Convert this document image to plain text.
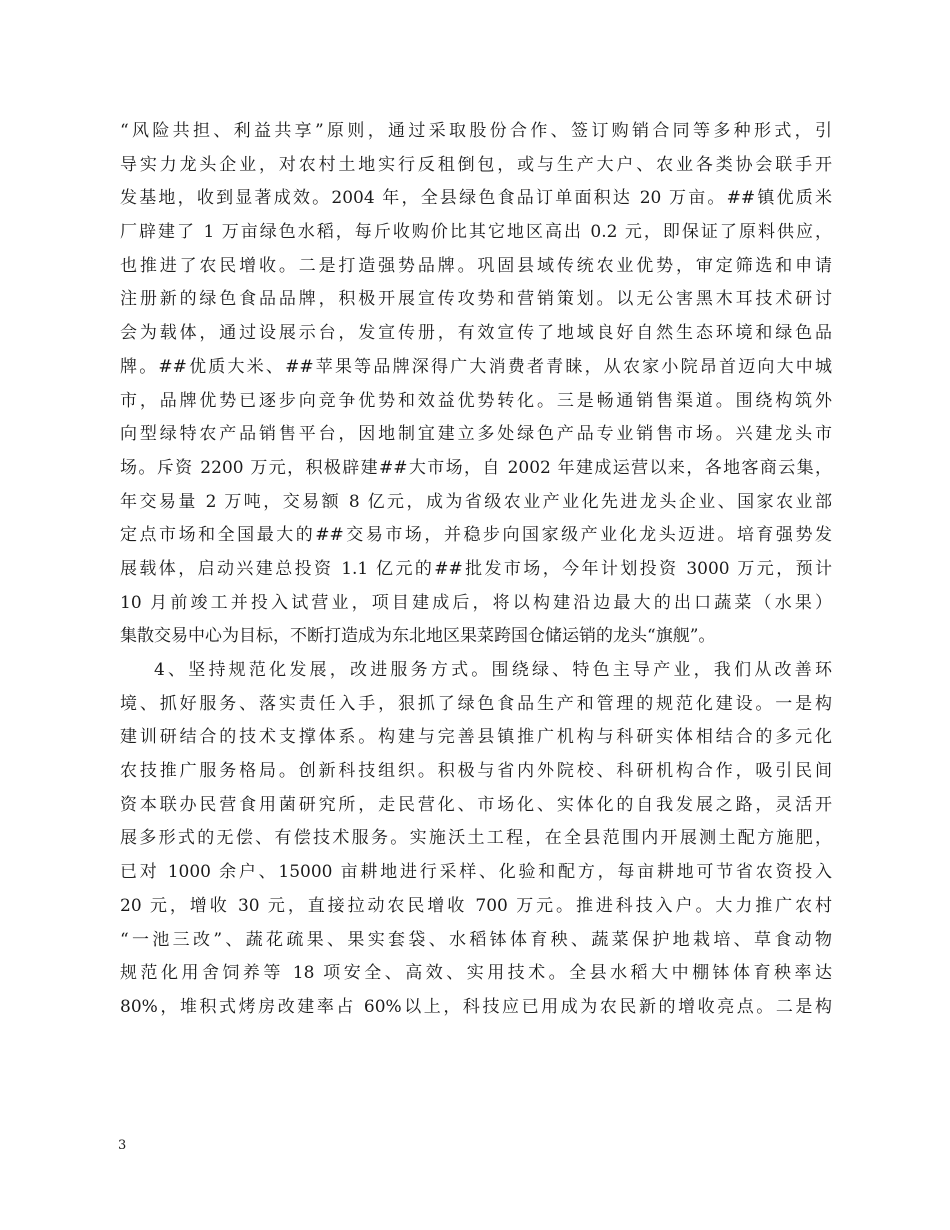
“风险共担、利益共享”原则，通过采取股份合作、签订购销合同等多种形式，引
导实力龙头企业，对农村土地实行反租倒包，或与生产大户、农业各类协会联手开
发基地，收到显著成效。2004 年，全县绿色食品订单面积达 20 万亩。##镇优质米
厂辟建了 1 万亩绿色水稻，每斤收购价比其它地区高出 0.2 元，即保证了原料供应，
也推进了农民增收。二是打造强势品牌。巩固县域传统农业优势，审定筛选和申请
注册新的绿色食品品牌，积极开展宣传攻势和营销策划。以无公害黑木耳技术研讨
会为载体，通过设展示台，发宣传册，有效宣传了地域良好自然生态环境和绿色品
牌。##优质大米、##苹果等品牌深得广大消费者青睐，从农家小院昂首迈向大中城
市，品牌优势已逐步向竞争优势和效益优势转化。三是畅通销售渠道。围绕构筑外
向型绿特农产品销售平台，因地制宜建立多处绿色产品专业销售市场。兴建龙头市
场。斥资 2200 万元，积极辟建##大市场，自 2002 年建成运营以来，各地客商云集，
年交易量 2 万吨，交易额 8 亿元，成为省级农业产业化先进龙头企业、国家农业部
定点市场和全国最大的##交易市场，并稳步向国家级产业化龙头迈进。培育强势发
展载体，启动兴建总投资 1.1 亿元的##批发市场，今年计划投资 3000 万元，预计
10 月前竣工并投入试营业，项目建成后，将以构建沿边最大的出口蔬菜（水果）
集散交易中心为目标，不断打造成为东北地区果菜跨国仓储运销的龙头“旗舰”。
4、坚持规范化发展，改进服务方式。围绕绿、特色主导产业，我们从改善环
境、抓好服务、落实责任入手，狠抓了绿色食品生产和管理的规范化建设。一是构
建训研结合的技术支撑体系。构建与完善县镇推广机构与科研实体相结合的多元化
农技推广服务格局。创新科技组织。积极与省内外院校、科研机构合作，吸引民间
资本联办民营食用菌研究所，走民营化、市场化、实体化的自我发展之路，灵活开
展多形式的无偿、有偿技术服务。实施沃土工程，在全县范围内开展测土配方施肥，
已对 1000 余户、15000 亩耕地进行采样、化验和配方，每亩耕地可节省农资投入
20 元，增收 30 元，直接拉动农民增收 700 万元。推进科技入户。大力推广农村
“一池三改”、蔬花疏果、果实套袋、水稻钵体育秧、蔬菜保护地栽培、草食动物
规范化用舍饲养等 18 项安全、高效、实用技术。全县水稻大中棚钵体育秧率达
80%，堆积式烤房改建率占 60%以上，科技应已用成为农民新的增收亮点。二是构
3
